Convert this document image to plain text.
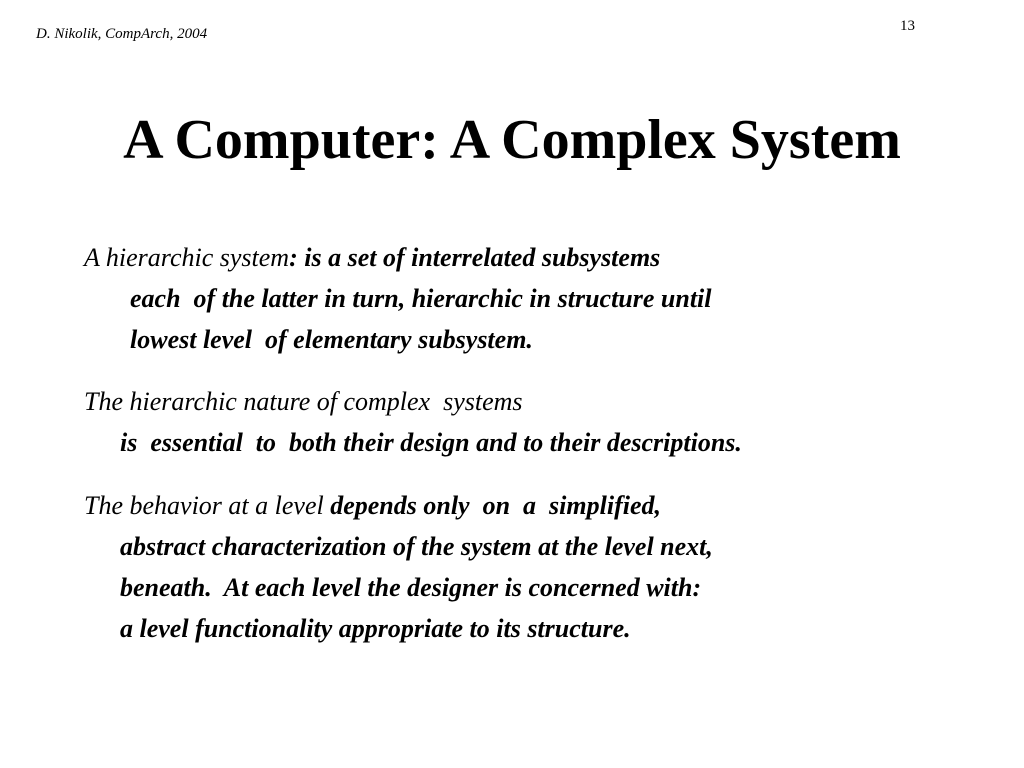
D. Nikolik, CompArch, 2004	13
A Computer: A Complex System
A hierarchic system: is a set of interrelated subsystems
each  of the latter in turn, hierarchic in structure until
lowest level  of elementary subsystem.
The hierarchic nature of complex  systems
is  essential  to  both their design and to their descriptions.
The behavior at a level depends only  on  a  simplified,
abstract characterization of the system at the level next,
beneath.  At each level the designer is concerned with:
a level functionality appropriate to its structure.
